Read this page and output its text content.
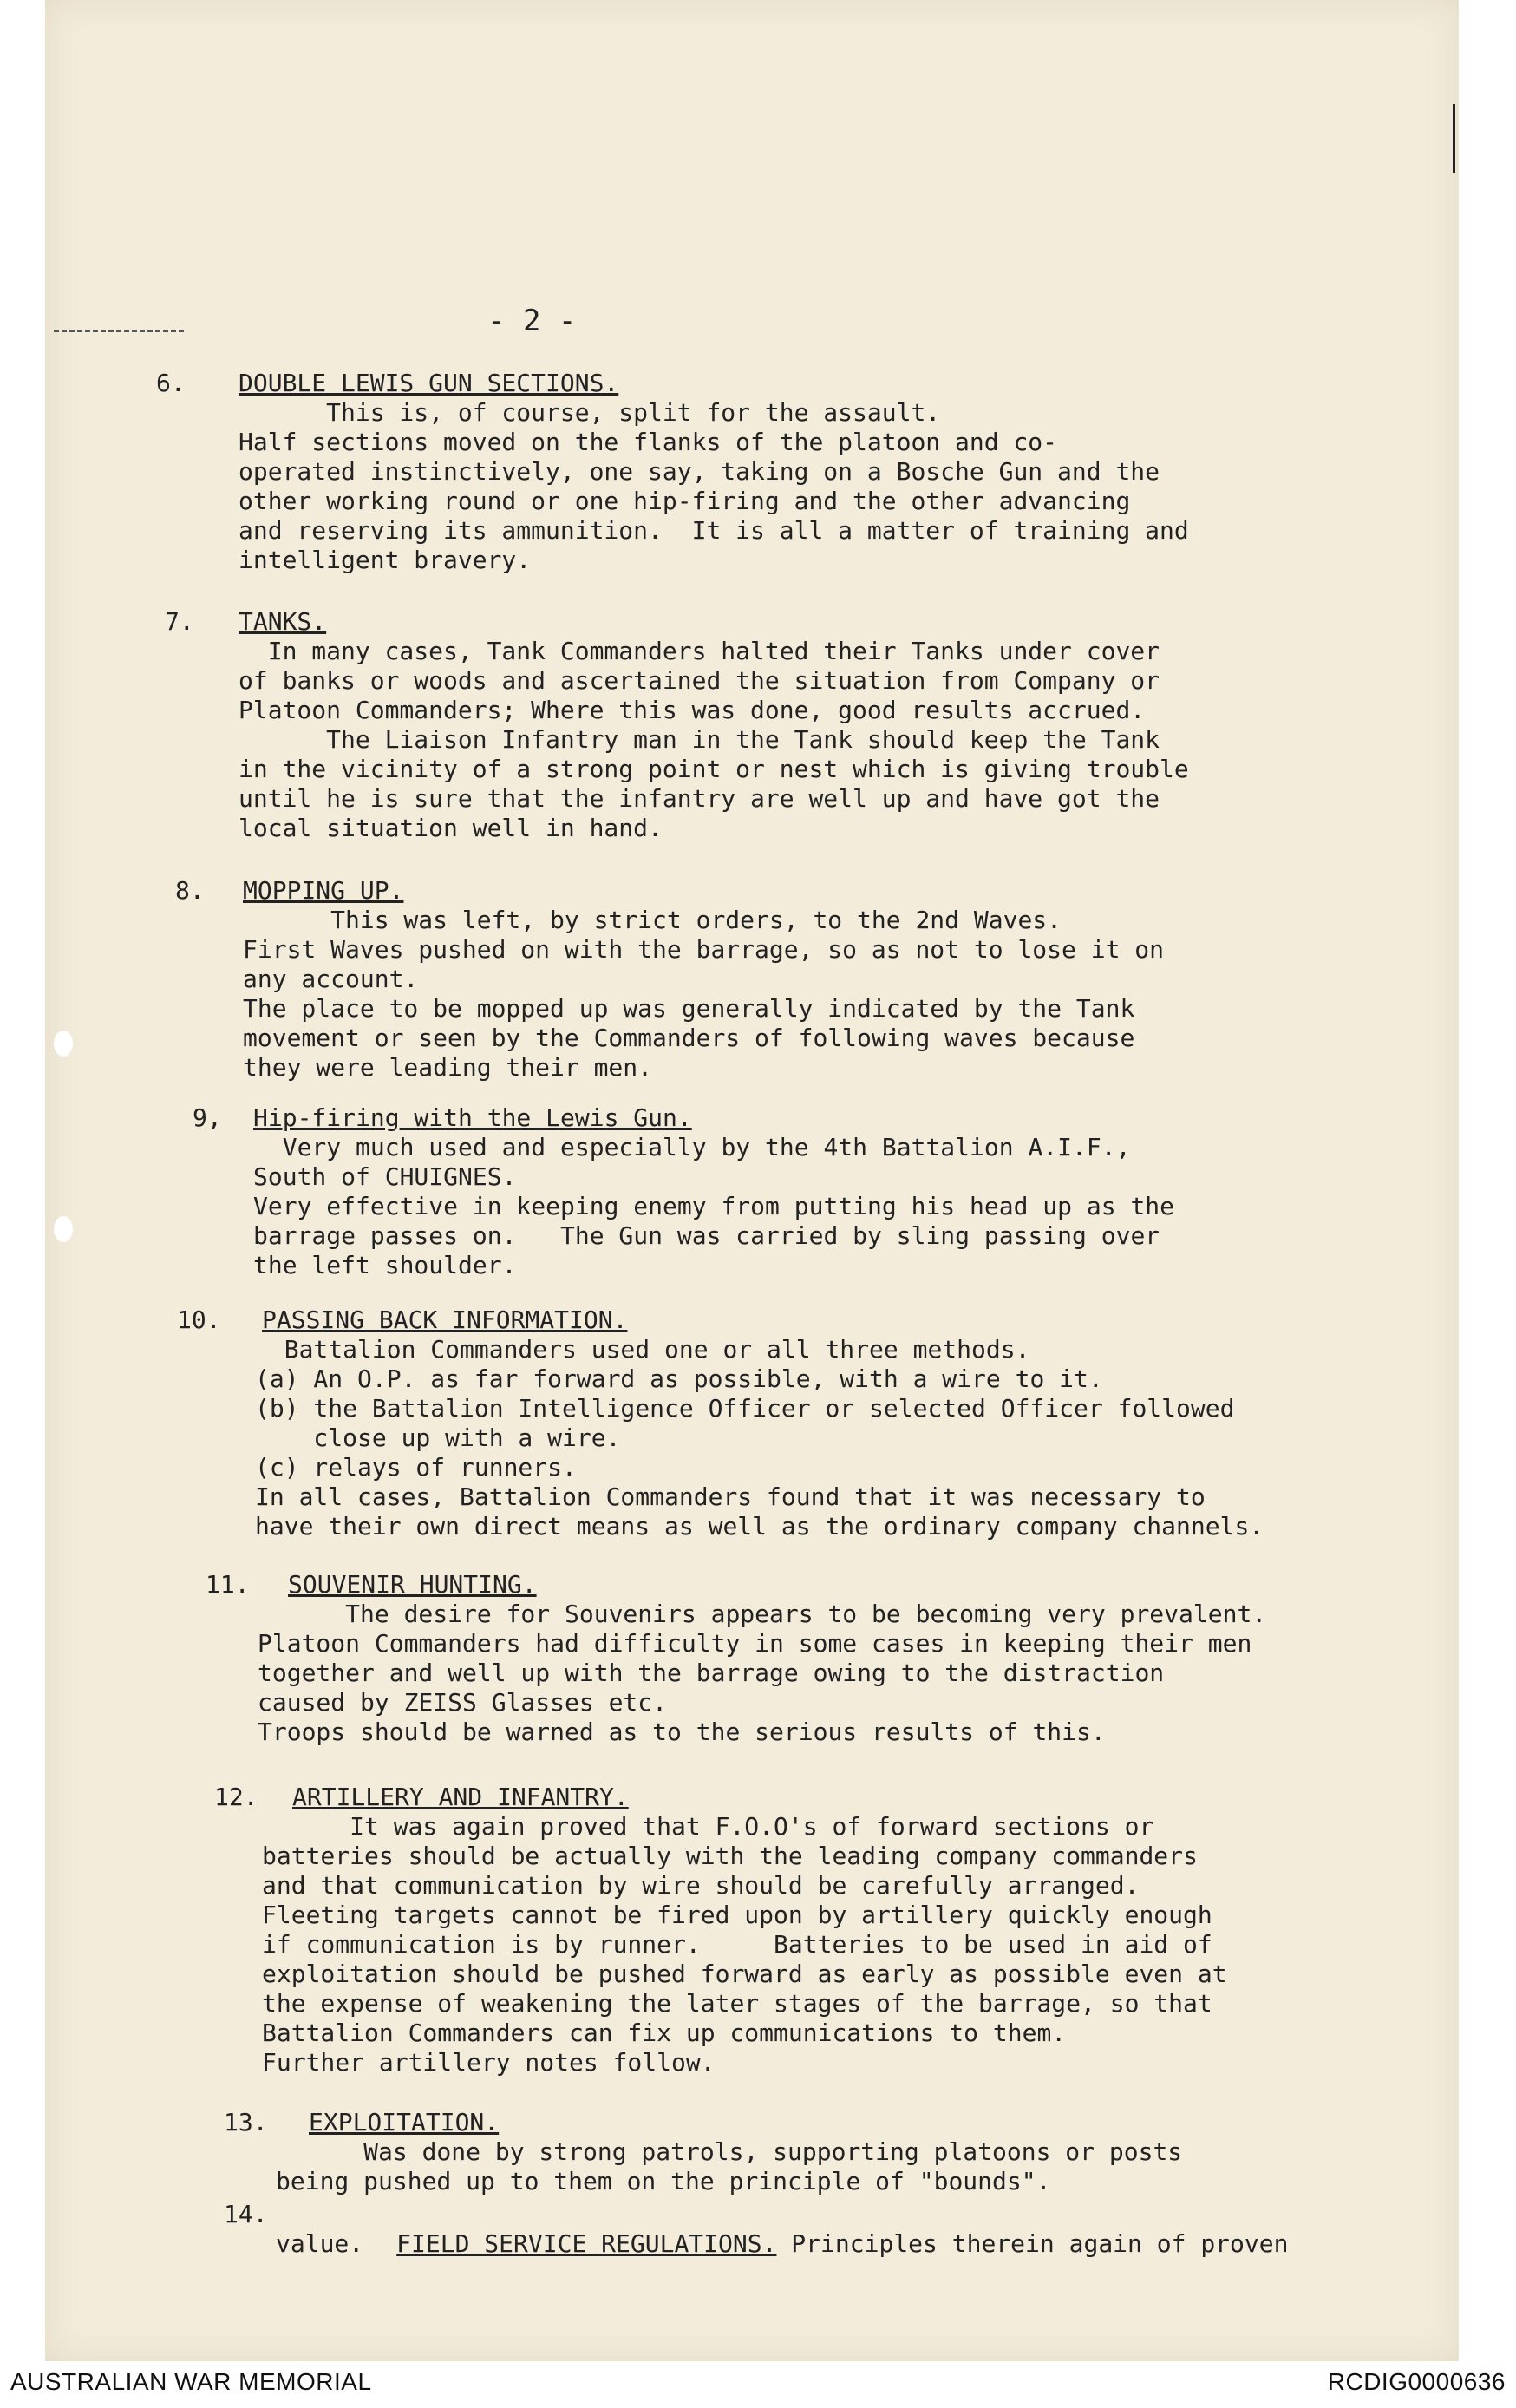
- 2 -
6. DOUBLE LEWIS GUN SECTIONS.
This is, of course, split for the assault.
Half sections moved on the flanks of the platoon and co-
operated instinctively, one say, taking on a Bosche Gun and the
other working round or one hip-firing and the other advancing
and reserving its ammunition.  It is all a matter of training and
intelligent bravery.
7. TANKS.
In many cases, Tank Commanders halted their Tanks under cover
of banks or woods and ascertained the situation from Company or
Platoon Commanders; Where this was done, good results accrued.
The Liaison Infantry man in the Tank should keep the Tank
in the vicinity of a strong point or nest which is giving trouble
until he is sure that the infantry are well up and have got the
local situation well in hand.
8. MOPPING UP.
This was left, by strict orders, to the 2nd Waves.
First Waves pushed on with the barrage, so as not to lose it on
any account.
The place to be mopped up was generally indicated by the Tank
movement or seen by the Commanders of following waves because
they were leading their men.
9, Hip-firing with the Lewis Gun.
Very much used and especially by the 4th Battalion A.I.F.,
South of CHUIGNES.
Very effective in keeping enemy from putting his head up as the
barrage passes on.   The Gun was carried by sling passing over
the left shoulder.
10. PASSING BACK INFORMATION.
Battalion Commanders used one or all three methods.
(a) An O.P. as far forward as possible, with a wire to it.
(b) the Battalion Intelligence Officer or selected Officer followed
close up with a wire.
(c) relays of runners.
In all cases, Battalion Commanders found that it was necessary to
have their own direct means as well as the ordinary company channels.
11. SOUVENIR HUNTING.
The desire for Souvenirs appears to be becoming very prevalent.
Platoon Commanders had difficulty in some cases in keeping their men
together and well up with the barrage owing to the distraction
caused by ZEISS Glasses etc.
Troops should be warned as to the serious results of this.
12. ARTILLERY AND INFANTRY.
It was again proved that F.O.O's of forward sections or
batteries should be actually with the leading company commanders
and that communication by wire should be carefully arranged.
Fleeting targets cannot be fired upon by artillery quickly enough
if communication is by runner.     Batteries to be used in aid of
exploitation should be pushed forward as early as possible even at
the expense of weakening the later stages of the barrage, so that
Battalion Commanders can fix up communications to them.
Further artillery notes follow.
13. EXPLOITATION.
Was done by strong patrols, supporting platoons or posts
being pushed up to them on the principle of "bounds".
14.

FIELD SERVICE REGULATIONS. Principles therein again of proven

value.
AUSTRALIAN WAR MEMORIAL	RCDIG0000636
